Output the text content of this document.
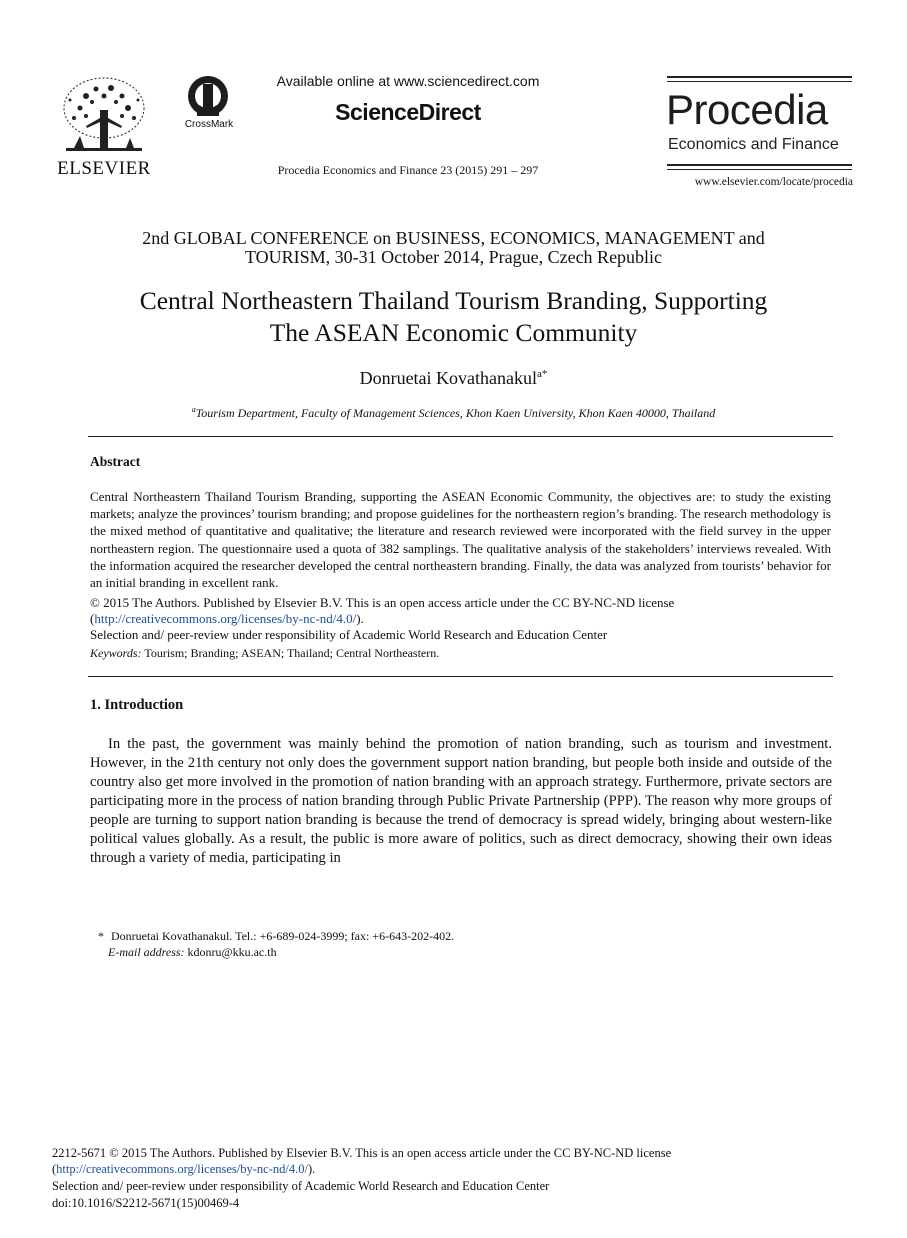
ELSEVIER
CrossMark
Available online at www.sciencedirect.com
ScienceDirect
Procedia Economics and Finance 23 (2015) 291 – 297
Procedia
Economics and Finance
www.elsevier.com/locate/procedia
2nd GLOBAL CONFERENCE on BUSINESS, ECONOMICS, MANAGEMENT and
TOURISM, 30-31 October 2014, Prague, Czech Republic
Central Northeastern Thailand Tourism Branding, Supporting
The ASEAN Economic Community
Donruetai Kovathanakul$^{a*}$
$^a$Tourism Department, Faculty of Management Sciences, Khon Kaen University, Khon Kaen 40000, Thailand
Abstract
Central Northeastern Thailand Tourism Branding, supporting the ASEAN Economic Community, the objectives are: to study the existing markets; analyze the provinces’ tourism branding; and propose guidelines for the northeastern region’s branding. The research methodology is the mixed method of quantitative and qualitative; the literature and research reviewed were incorporated with the field survey in the upper northeastern region. The questionnaire used a quota of 382 samplings. The qualitative analysis of the stakeholders’ interviews revealed. With the information acquired the researcher developed the central northeastern branding. Finally, the data was analyzed from tourists’ behavior for an initial branding in excellent rank.
© 2015 The Authors. Published by Elsevier B.V. This is an open access article under the CC BY-NC-ND license
(http://creativecommons.org/licenses/by-nc-nd/4.0/).
Selection and/ peer-review under responsibility of Academic World Research and Education Center
Keywords: Tourism; Branding; ASEAN; Thailand; Central Northeastern.
1. Introduction
In the past, the government was mainly behind the promotion of nation branding, such as tourism and investment. However, in the 21th century not only does the government support nation branding, but people both inside and outside of the country also get more involved in the promotion of nation branding with an approach strategy. Furthermore, private sectors are participating more in the process of nation branding through Public Private Partnership (PPP). The reason why more groups of people are turning to support nation branding is because the trend of democracy is spread widely, bringing about western-like political values globally. As a result, the public is more aware of politics, such as direct democracy, showing their own ideas through a variety of media, participating in
* Donruetai Kovathanakul. Tel.: +6-689-024-3999; fax: +6-643-202-402.
E-mail address: kdonru@kku.ac.th
2212-5671 © 2015 The Authors. Published by Elsevier B.V. This is an open access article under the CC BY-NC-ND license
(http://creativecommons.org/licenses/by-nc-nd/4.0/).
Selection and/ peer-review under responsibility of Academic World Research and Education Center
doi:10.1016/S2212-5671(15)00469-4
